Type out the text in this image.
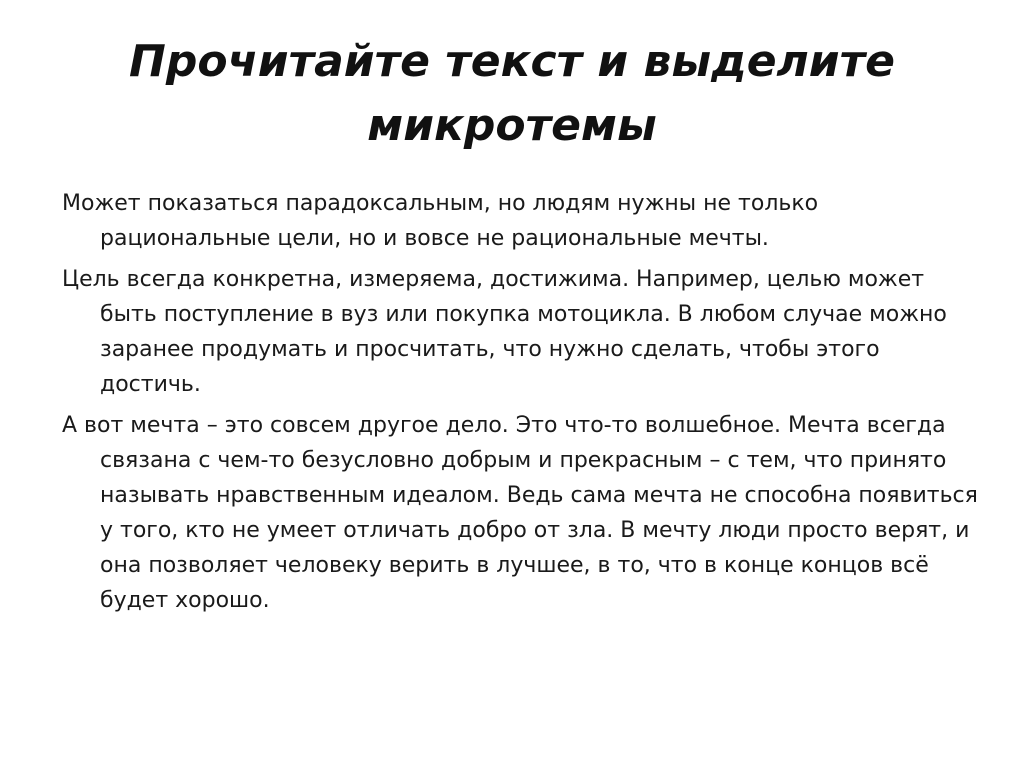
Прочитайте текст и выделите микротемы

Может показаться парадоксальным, но людям нужны не только рациональные цели, но и вовсе не рациональные мечты.

Цель всегда конкретна, измеряема, достижима. Например, целью может быть поступление в вуз или покупка мотоцикла. В любом случае можно заранее продумать и просчитать, что нужно сделать, чтобы этого достичь.

А вот мечта – это совсем другое дело. Это что-то волшебное. Мечта всегда связана с чем-то безусловно добрым и прекрасным – с тем, что принято называть нравственным идеалом. Ведь сама мечта не способна появиться у того, кто не умеет отличать добро от зла. В мечту люди просто верят, и она позволяет человеку верить в лучшее, в то, что в конце концов всё будет хорошо.
